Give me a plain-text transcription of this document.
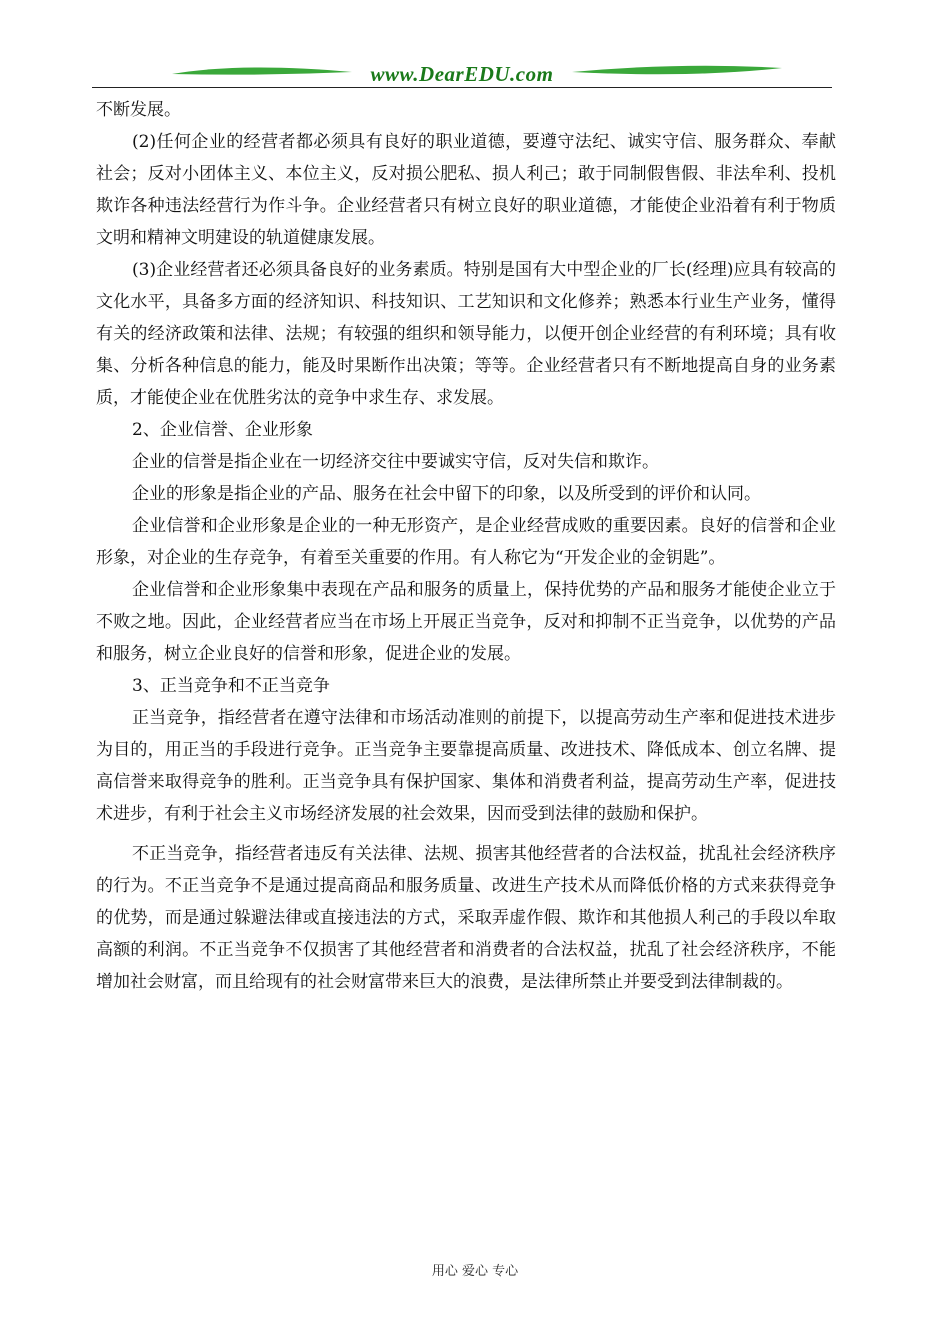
www.DearEDU.com

不断发展。

(2)任何企业的经营者都必须具有良好的职业道德，要遵守法纪、诚实守信、服务群众、奉献社会；反对小团体主义、本位主义，反对损公肥私、损人利己；敢于同制假售假、非法牟利、投机欺诈各种违法经营行为作斗争。企业经营者只有树立良好的职业道德，才能使企业沿着有利于物质文明和精神文明建设的轨道健康发展。

(3)企业经营者还必须具备良好的业务素质。特别是国有大中型企业的厂长(经理)应具有较高的文化水平，具备多方面的经济知识、科技知识、工艺知识和文化修养；熟悉本行业生产业务，懂得有关的经济政策和法律、法规；有较强的组织和领导能力，以便开创企业经营的有利环境；具有收集、分析各种信息的能力，能及时果断作出决策；等等。企业经营者只有不断地提高自身的业务素质，才能使企业在优胜劣汰的竞争中求生存、求发展。

2、企业信誉、企业形象

企业的信誉是指企业在一切经济交往中要诚实守信，反对失信和欺诈。

企业的形象是指企业的产品、服务在社会中留下的印象，以及所受到的评价和认同。

企业信誉和企业形象是企业的一种无形资产，是企业经营成败的重要因素。良好的信誉和企业形象，对企业的生存竞争，有着至关重要的作用。有人称它为“开发企业的金钥匙”。

企业信誉和企业形象集中表现在产品和服务的质量上，保持优势的产品和服务才能使企业立于不败之地。因此，企业经营者应当在市场上开展正当竞争，反对和抑制不正当竞争，以优势的产品和服务，树立企业良好的信誉和形象，促进企业的发展。

3、正当竞争和不正当竞争

正当竞争，指经营者在遵守法律和市场活动准则的前提下，以提高劳动生产率和促进技术进步为目的，用正当的手段进行竞争。正当竞争主要靠提高质量、改进技术、降低成本、创立名牌、提高信誉来取得竞争的胜利。正当竞争具有保护国家、集体和消费者利益，提高劳动生产率，促进技术进步，有利于社会主义市场经济发展的社会效果，因而受到法律的鼓励和保护。

不正当竞争，指经营者违反有关法律、法规、损害其他经营者的合法权益，扰乱社会经济秩序的行为。不正当竞争不是通过提高商品和服务质量、改进生产技术从而降低价格的方式来获得竞争的优势，而是通过躲避法律或直接违法的方式，采取弄虚作假、欺诈和其他损人利己的手段以牟取高额的利润。不正当竞争不仅损害了其他经营者和消费者的合法权益，扰乱了社会经济秩序，不能增加社会财富，而且给现有的社会财富带来巨大的浪费，是法律所禁止并要受到法律制裁的。

用心 爱心 专心
